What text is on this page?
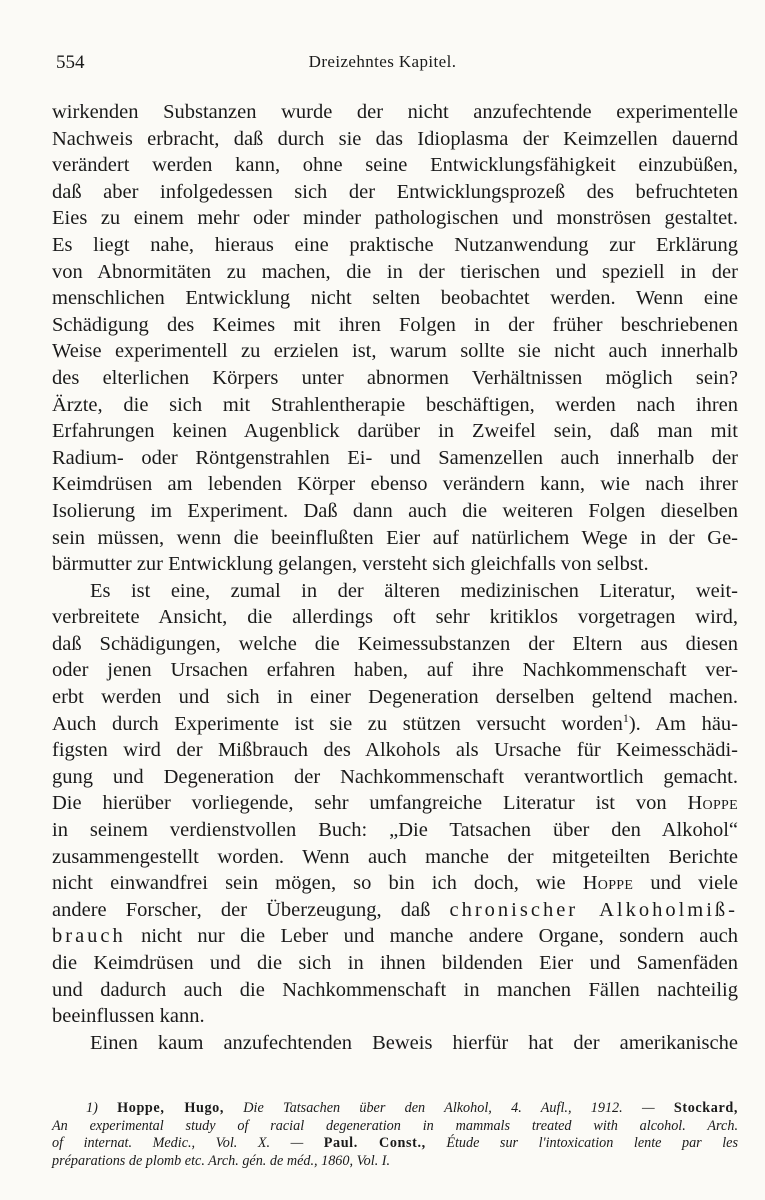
554	Dreizehntes Kapitel.
wirkenden Substanzen wurde der nicht anzufechtende experimentelle
Nachweis erbracht, daß durch sie das Idioplasma der Keimzellen dauernd
verändert werden kann, ohne seine Entwicklungsfähigkeit einzubüßen,
daß aber infolgedessen sich der Entwicklungsprozeß des befruchteten
Eies zu einem mehr oder minder pathologischen und monströsen gestaltet.
Es liegt nahe, hieraus eine praktische Nutzanwendung zur Erklärung
von Abnormitäten zu machen, die in der tierischen und speziell in der
menschlichen Entwicklung nicht selten beobachtet werden. Wenn eine
Schädigung des Keimes mit ihren Folgen in der früher beschriebenen
Weise experimentell zu erzielen ist, warum sollte sie nicht auch innerhalb
des elterlichen Körpers unter abnormen Verhältnissen möglich sein?
Ärzte, die sich mit Strahlentherapie beschäftigen, werden nach ihren
Erfahrungen keinen Augenblick darüber in Zweifel sein, daß man mit
Radium- oder Röntgenstrahlen Ei- und Samenzellen auch innerhalb der
Keimdrüsen am lebenden Körper ebenso verändern kann, wie nach ihrer
Isolierung im Experiment. Daß dann auch die weiteren Folgen dieselben
sein müssen, wenn die beeinflußten Eier auf natürlichem Wege in der Ge-
bärmutter zur Entwicklung gelangen, versteht sich gleichfalls von selbst.
Es ist eine, zumal in der älteren medizinischen Literatur, weit-
verbreitete Ansicht, die allerdings oft sehr kritiklos vorgetragen wird,
daß Schädigungen, welche die Keimessubstanzen der Eltern aus diesen
oder jenen Ursachen erfahren haben, auf ihre Nachkommenschaft ver-
erbt werden und sich in einer Degeneration derselben geltend machen.
Auch durch Experimente ist sie zu stützen versucht worden$^1$). Am häu-
figsten wird der Mißbrauch des Alkohols als Ursache für Keimesschädi-
gung und Degeneration der Nachkommenschaft verantwortlich gemacht.
Die hierüber vorliegende, sehr umfangreiche Literatur ist von Hoppe
in seinem verdienstvollen Buch: „Die Tatsachen über den Alkohol“
zusammengestellt worden. Wenn auch manche der mitgeteilten Berichte
nicht einwandfrei sein mögen, so bin ich doch, wie Hoppe und viele
andere Forscher, der Überzeugung, daß chronischer Alkoholmiß-
brauch nicht nur die Leber und manche andere Organe, sondern auch
die Keimdrüsen und die sich in ihnen bildenden Eier und Samenfäden
und dadurch auch die Nachkommenschaft in manchen Fällen nachteilig
beeinflussen kann.
Einen kaum anzufechtenden Beweis hierfür hat der amerikanische
1) Hoppe, Hugo, Die Tatsachen über den Alkohol, 4. Aufl., 1912. — Stockard,
An experimental study of racial degeneration in mammals treated with alcohol. Arch.
of internat. Medic., Vol. X. — Paul. Const., Étude sur l'intoxication lente par les
préparations de plomb etc. Arch. gén. de méd., 1860, Vol. I.
